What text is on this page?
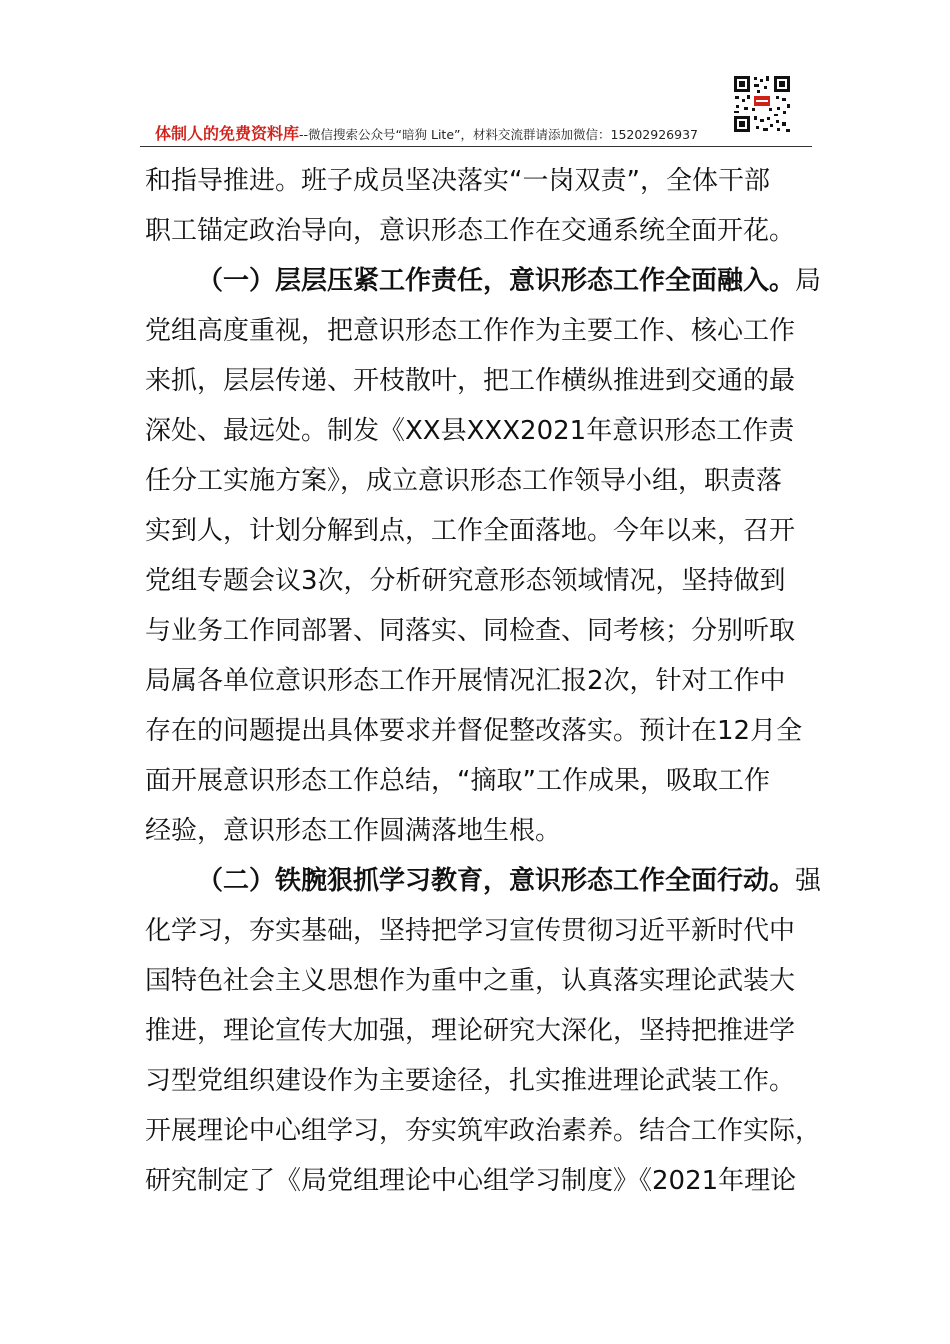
体制人的免费资料库--微信搜索公众号“暗狗 Lite”，材料交流群请添加微信：15202926937
和指导推进。班子成员坚决落实“一岗双责”，全体干部
职工锚定政治导向，意识形态工作在交通系统全面开花。
（一）层层压紧工作责任，意识形态工作全面融入。局
党组高度重视，把意识形态工作作为主要工作、核心工作
来抓，层层传递、开枝散叶，把工作横纵推进到交通的最
深处、最远处。制发《XX县XXX2021年意识形态工作责
任分工实施方案》，成立意识形态工作领导小组，职责落
实到人，计划分解到点，工作全面落地。今年以来，召开
党组专题会议3次，分析研究意形态领域情况，坚持做到
与业务工作同部署、同落实、同检查、同考核；分别听取
局属各单位意识形态工作开展情况汇报2次，针对工作中
存在的问题提出具体要求并督促整改落实。预计在12月全
面开展意识形态工作总结，“摘取”工作成果，吸取工作
经验，意识形态工作圆满落地生根。
（二）铁腕狠抓学习教育，意识形态工作全面行动。强
化学习，夯实基础，坚持把学习宣传贯彻习近平新时代中
国特色社会主义思想作为重中之重，认真落实理论武装大
推进，理论宣传大加强，理论研究大深化，坚持把推进学
习型党组织建设作为主要途径，扎实推进理论武装工作。
开展理论中心组学习，夯实筑牢政治素养。结合工作实际，
研究制定了《局党组理论中心组学习制度》《2021年理论
